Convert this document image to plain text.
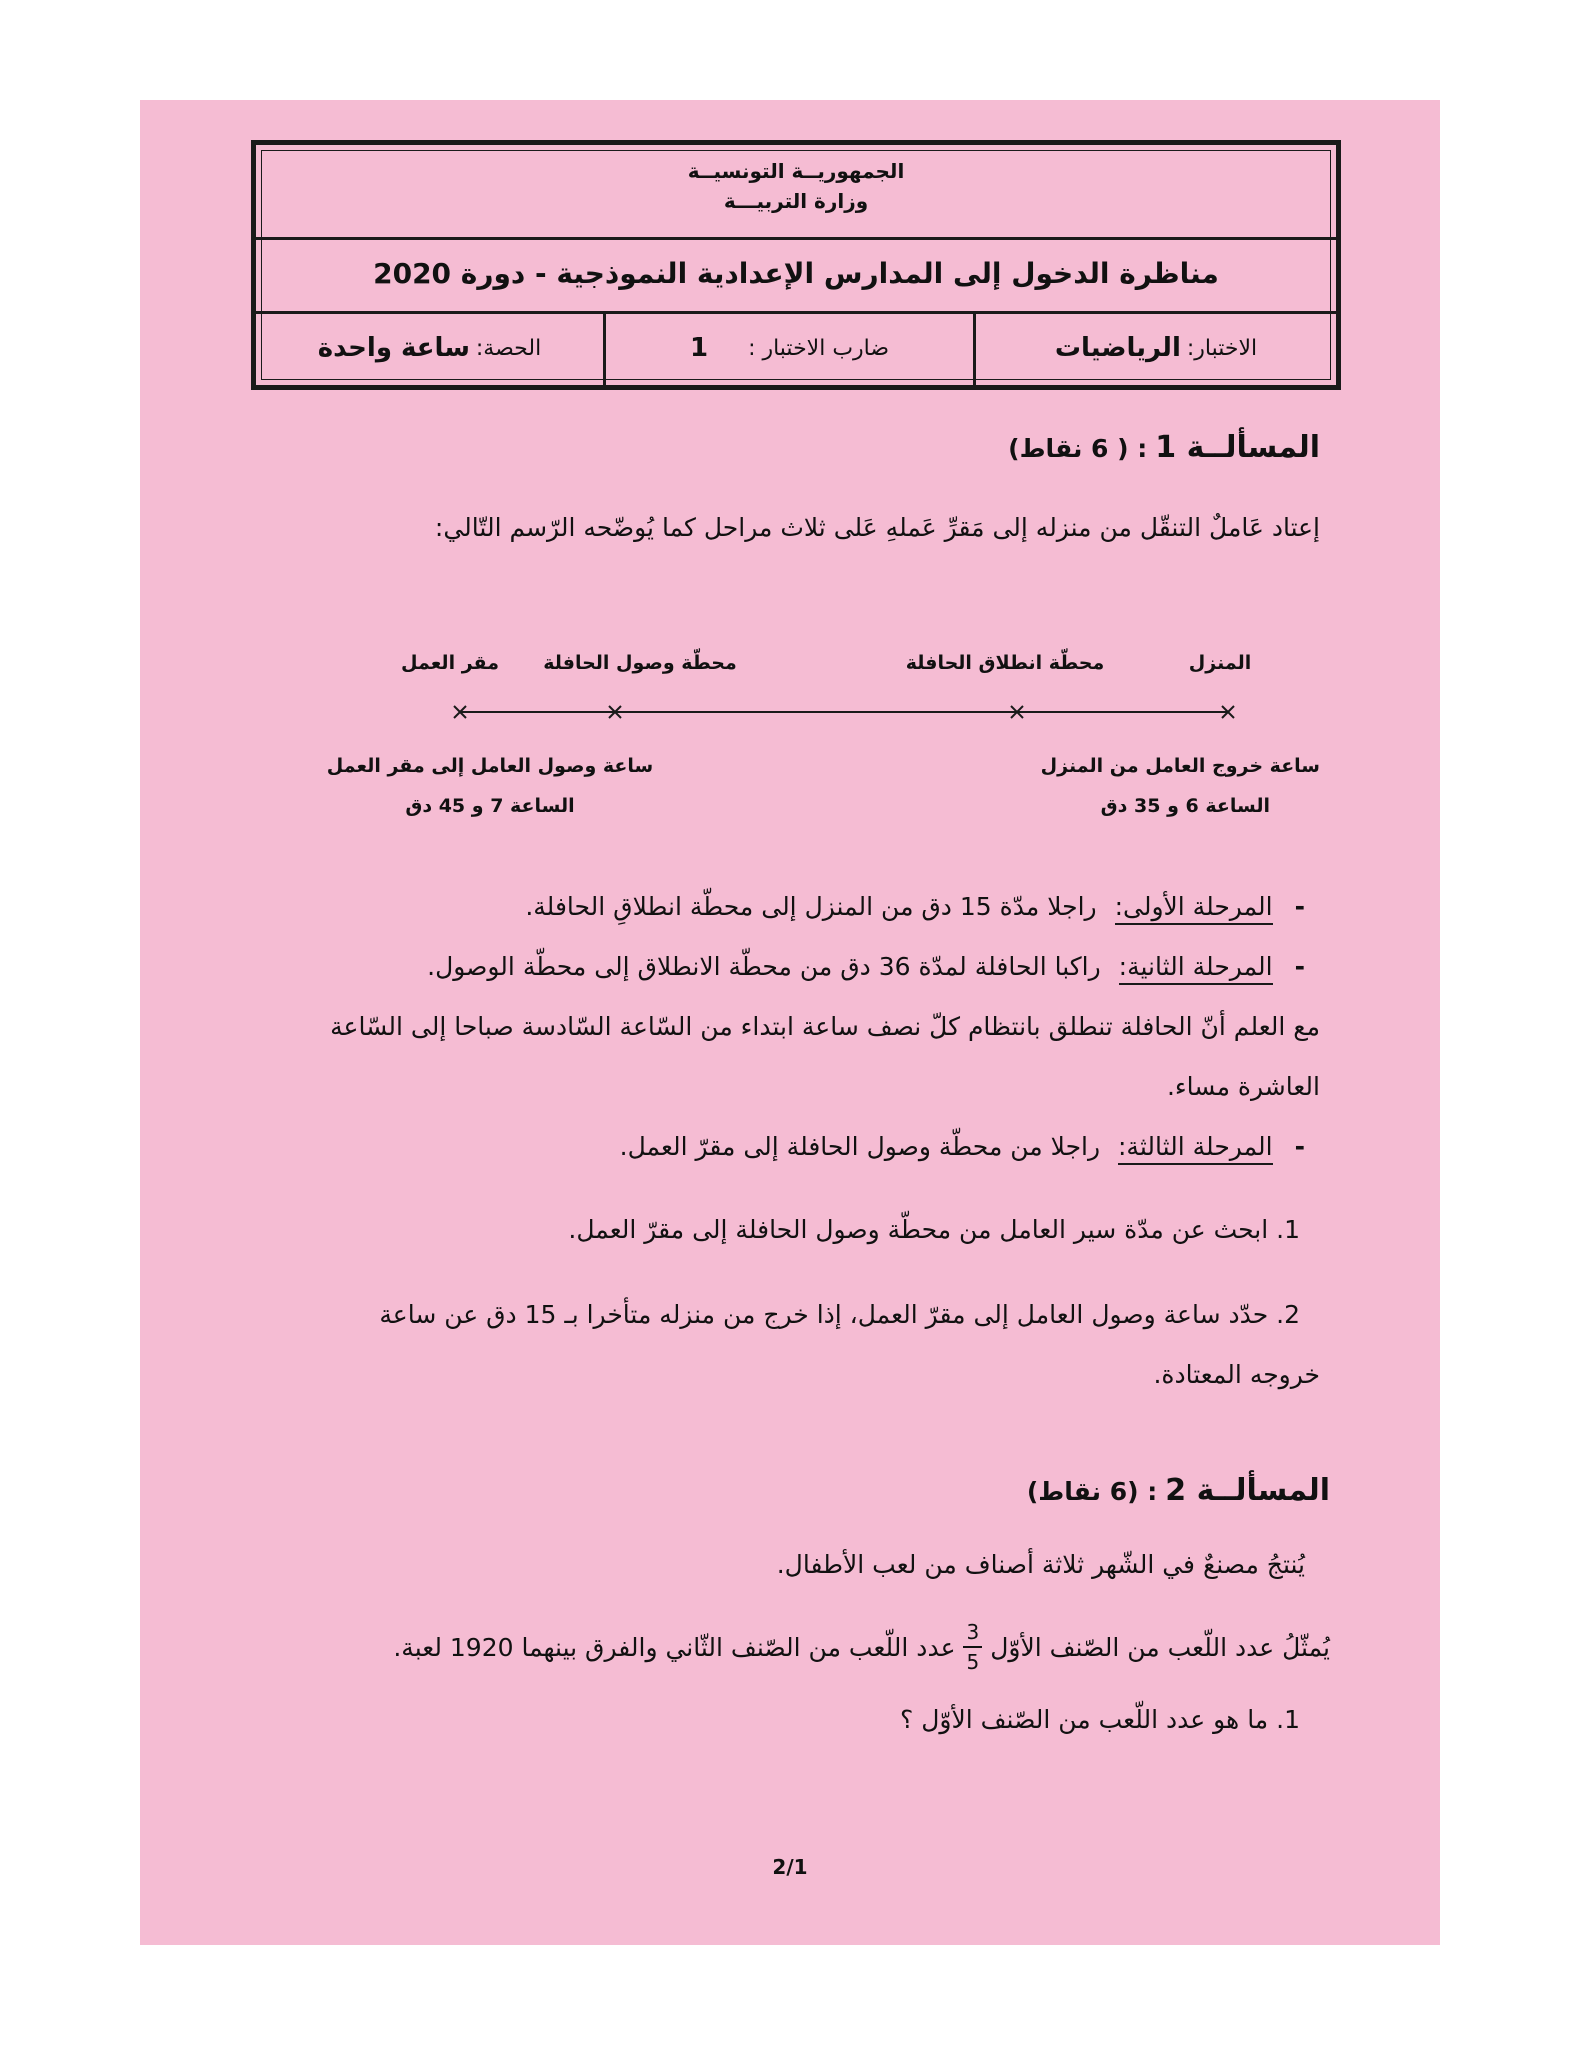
الجمهوريــة التونسيــة
وزارة التربيـــة
مناظرة الدخول إلى المدارس الإعدادية النموذجية - دورة 2020
الاختبار:
الرياضيات
ضارب الاختبار :
1
الحصة:
ساعة واحدة
المسألــة 1 : ( 6 نقاط)
إعتاد عَاملٌ التنقّل من منزله إلى مَقرِّ عَملهِ عَلى ثلاث مراحل كما يُوضّحه الرّسم التّالي:
المنزل
محطّة انطلاق الحافلة
محطّة وصول الحافلة
مقر العمل
ساعة خروج العامل من المنزل
الساعة 6 و 35 دق
ساعة وصول العامل إلى مقر العمل
الساعة 7 و 45 دق
-المرحلة الأولى: راجلا مدّة 15 دق من المنزل إلى محطّة انطلاقِ الحافلة.
-المرحلة الثانية: راكبا الحافلة لمدّة 36 دق من محطّة الانطلاق إلى محطّة الوصول.
مع العلم أنّ الحافلة تنطلق بانتظام كلّ نصف ساعة ابتداء من السّاعة السّادسة صباحا إلى السّاعة
العاشرة مساء.
-المرحلة الثالثة: راجلا من محطّة وصول الحافلة إلى مقرّ العمل.
1. ابحث عن مدّة سير العامل من محطّة وصول الحافلة إلى مقرّ العمل.
2. حدّد ساعة وصول العامل إلى مقرّ العمل، إذا خرج من منزله متأخرا بـ 15 دق عن ساعة
خروجه المعتادة.
المسألــة 2 : (6 نقاط)
يُنتجُ مصنعٌ في الشّهر ثلاثة أصناف من لعب الأطفال.
يُمثّلُ عدد اللّعب من الصّنف الأوّل
$\frac{3}{5}$
عدد اللّعب من الصّنف الثّاني والفرق بينهما 1920 لعبة.
1. ما هو عدد اللّعب من الصّنف الأوّل ؟
2/1
